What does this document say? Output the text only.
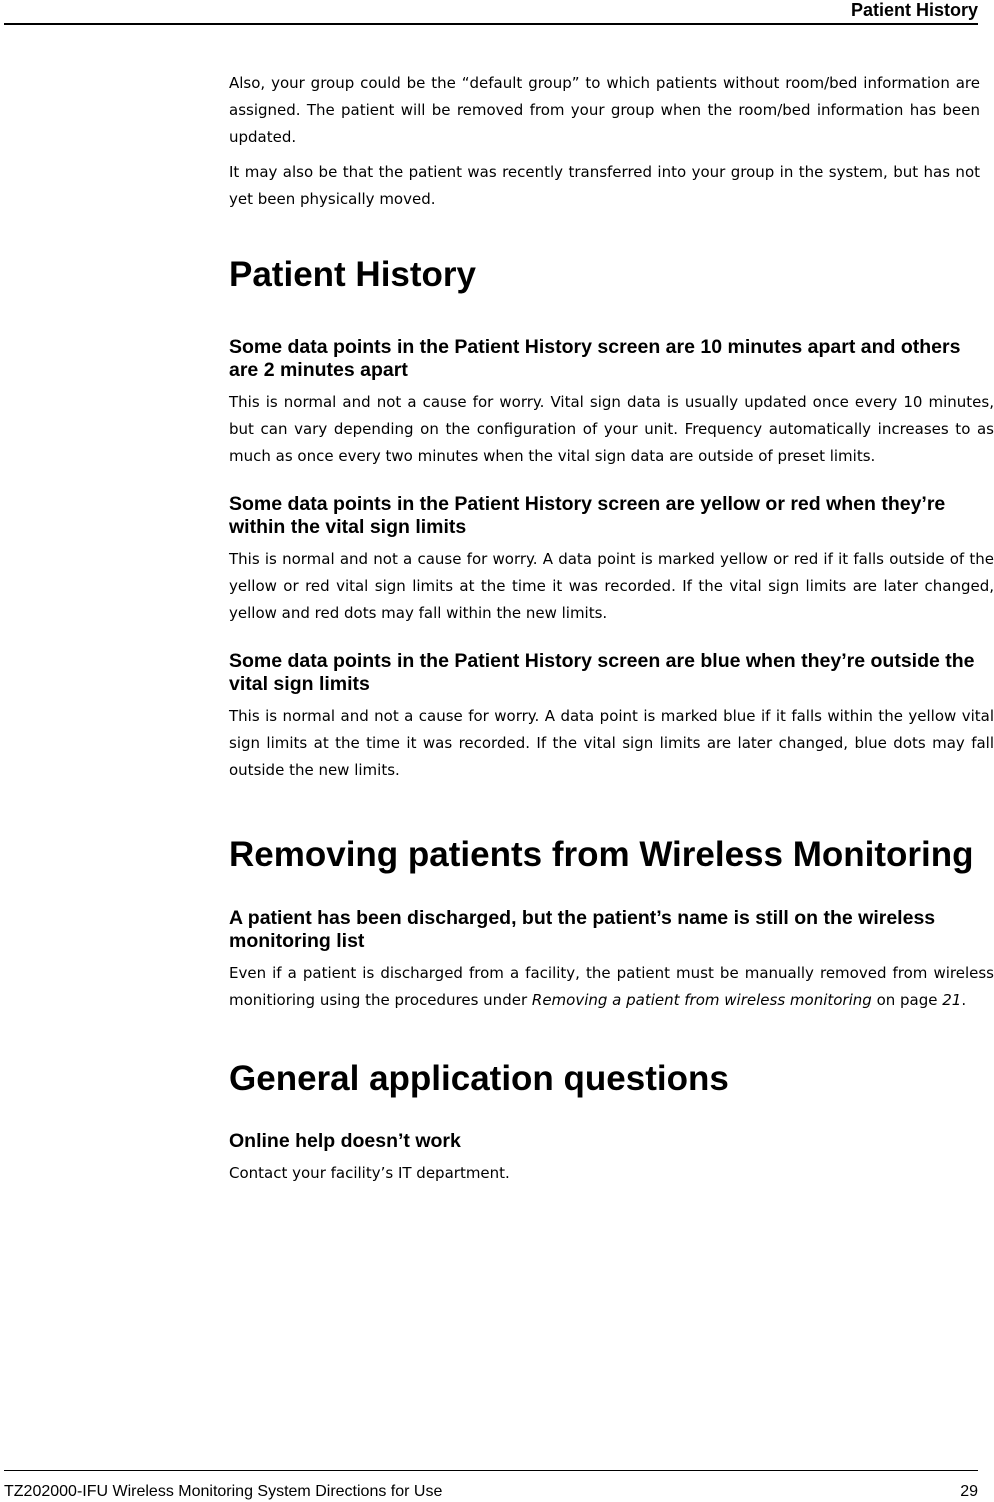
Patient History

Also, your group could be the “default group” to which patients without room/bed information are assigned. The patient will be removed from your group when the room/bed information has been updated.

It may also be that the patient was recently transferred into your group in the system, but has not yet been physically moved.

Patient History
Some data points in the Patient History screen are 10 minutes apart and others are 2 minutes apart

This is normal and not a cause for worry. Vital sign data is usually updated once every 10 minutes, but can vary depending on the configuration of your unit. Frequency automatically increases to as much as once every two minutes when the vital sign data are outside of preset limits.

Some data points in the Patient History screen are yellow or red when they’re within the vital sign limits

This is normal and not a cause for worry. A data point is marked yellow or red if it falls outside of the yellow or red vital sign limits at the time it was recorded. If the vital sign limits are later changed, yellow and red dots may fall within the new limits.

Some data points in the Patient History screen are blue when they’re outside the vital sign limits

This is normal and not a cause for worry. A data point is marked blue if it falls within the yellow vital sign limits at the time it was recorded. If the vital sign limits are later changed, blue dots may fall outside the new limits.

Removing patients from Wireless Monitoring
A patient has been discharged, but the patient’s name is still on the wireless monitoring list

Even if a patient is discharged from a facility, the patient must be manually removed from wireless monitioring using the procedures under Removing a patient from wireless monitoring on page 21.

General application questions
Online help doesn’t work

Contact your facility’s IT department.

TZ202000-IFU Wireless Monitoring System Directions for Use	29
